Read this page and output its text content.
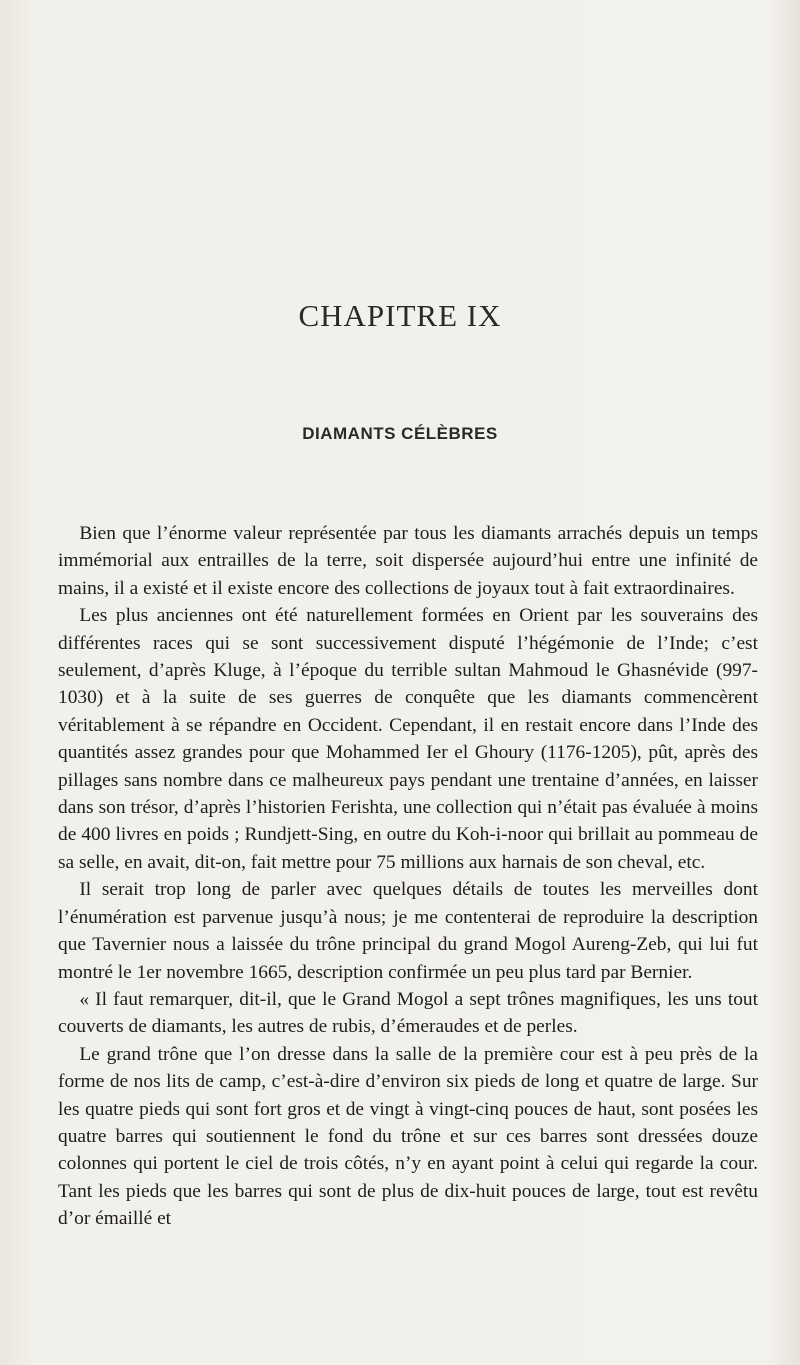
CHAPITRE IX
DIAMANTS CÉLÈBRES

Bien que l’énorme valeur représentée par tous les diamants arrachés depuis un temps immémorial aux entrailles de la terre, soit dispersée aujourd’hui entre une infinité de mains, il a existé et il existe encore des collections de joyaux tout à fait extraordinaires.

Les plus anciennes ont été naturellement formées en Orient par les souverains des différentes races qui se sont successivement disputé l’hégémonie de l’Inde; c’est seulement, d’après Kluge, à l’époque du terrible sultan Mahmoud le Ghasnévide (997-1030) et à la suite de ses guerres de conquête que les diamants commencèrent véritablement à se répandre en Occident. Cependant, il en restait encore dans l’Inde des quantités assez grandes pour que Mohammed Ier el Ghoury (1176-1205), pût, après des pillages sans nombre dans ce malheureux pays pendant une trentaine d’années, en laisser dans son trésor, d’après l’historien Ferishta, une collection qui n’était pas évaluée à moins de 400 livres en poids ; Rundjett-Sing, en outre du Koh-i-noor qui brillait au pommeau de sa selle, en avait, dit-on, fait mettre pour 75 millions aux harnais de son cheval, etc.

Il serait trop long de parler avec quelques détails de toutes les merveilles dont l’énumération est parvenue jusqu’à nous; je me contenterai de reproduire la description que Tavernier nous a laissée du trône principal du grand Mogol Aureng-Zeb, qui lui fut montré le 1er novembre 1665, description confirmée un peu plus tard par Bernier.

« Il faut remarquer, dit-il, que le Grand Mogol a sept trônes magnifiques, les uns tout couverts de diamants, les autres de rubis, d’émeraudes et de perles.

Le grand trône que l’on dresse dans la salle de la première cour est à peu près de la forme de nos lits de camp, c’est-à-dire d’environ six pieds de long et quatre de large. Sur les quatre pieds qui sont fort gros et de vingt à vingt-cinq pouces de haut, sont posées les quatre barres qui soutiennent le fond du trône et sur ces barres sont dressées douze colonnes qui portent le ciel de trois côtés, n’y en ayant point à celui qui regarde la cour. Tant les pieds que les barres qui sont de plus de dix-huit pouces de large, tout est revêtu d’or émaillé et
